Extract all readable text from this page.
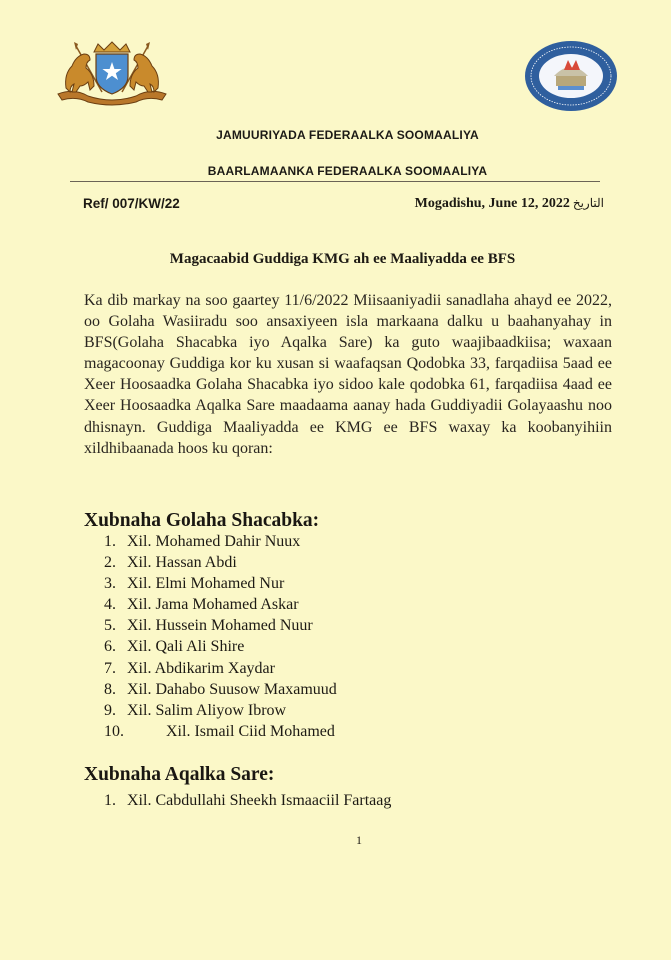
JAMUURIYADA FEDERAALKA SOOMAALIYA
BAARLAMAANKA FEDERAALKA SOOMAALIYA
Ref/ 007/KW/22	Mogadishu, June 12, 2022 التاريخ
Magacaabid Guddiga KMG ah ee Maaliyadda ee BFS
Ka dib markay na soo gaartey 11/6/2022 Miisaaniyadii sanadlaha ahayd ee 2022, oo Golaha Wasiiradu soo ansaxiyeen isla markaana dalku u baahanyahay in BFS(Golaha Shacabka iyo Aqalka Sare) ka guto waajibaadkiisa; waxaan magacoonay Guddiga kor ku xusan si waafaqsan Qodobka 33, farqadiisa 5aad ee Xeer Hoosaadka Golaha Shacabka iyo sidoo kale qodobka 61, farqadiisa 4aad ee Xeer Hoosaadka Aqalka Sare maadaama aanay hada Guddiyadii Golayaashu noo dhisnayn. Guddiga Maaliyadda ee KMG ee BFS waxay ka koobanyihiin xildhibaanada hoos ku qoran:
Xubnaha Golaha Shacabka:
1. Xil. Mohamed Dahir Nuux
2. Xil. Hassan Abdi
3. Xil. Elmi Mohamed Nur
4. Xil. Jama Mohamed Askar
5. Xil. Hussein Mohamed Nuur
6. Xil. Qali Ali Shire
7. Xil. Abdikarim Xaydar
8. Xil. Dahabo Suusow Maxamuud
9. Xil. Salim Aliyow Ibrow
10.	Xil. Ismail Ciid Mohamed
Xubnaha Aqalka Sare:
1. Xil. Cabdullahi Sheekh Ismaaciil Fartaag
1
